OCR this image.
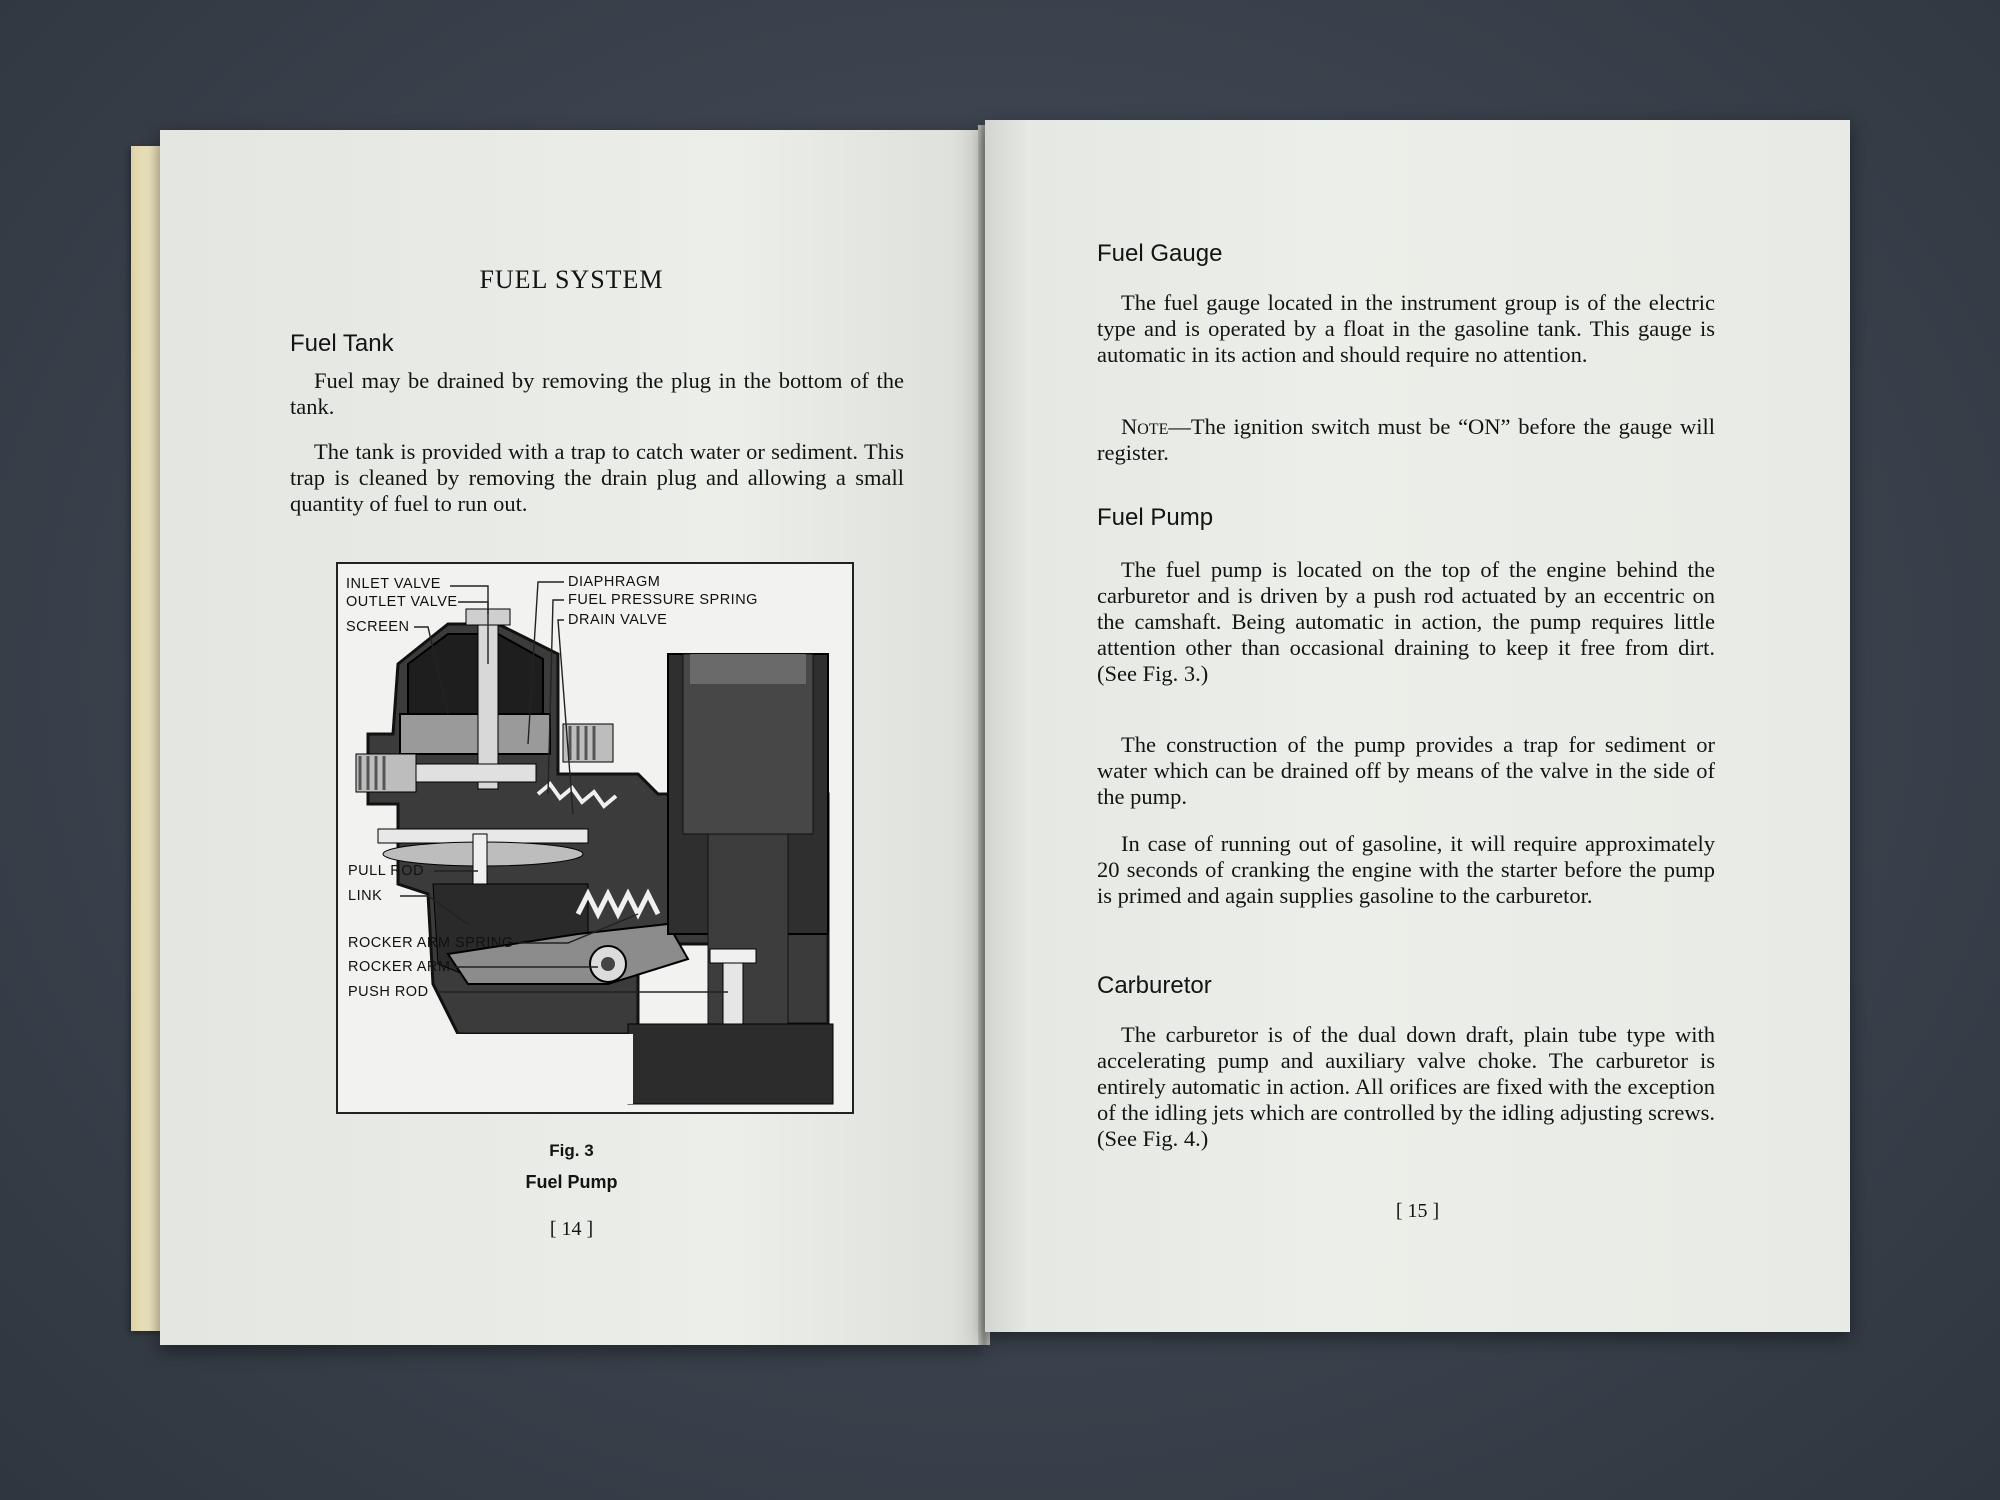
FUEL SYSTEM
Fuel Tank

Fuel may be drained by removing the plug in the bottom of the tank.

The tank is provided with a trap to catch water or sediment. This trap is cleaned by removing the drain plug and allowing a small quantity of fuel to run out.

INLET VALVE
OUTLET VALVE
SCREEN
DIAPHRAGM
FUEL PRESSURE SPRING
DRAIN VALVE
PULL ROD
LINK
ROCKER ARM SPRING
ROCKER ARM
PUSH ROD
Fig. 3
Fuel Pump
[ 14 ]
Fuel Gauge

The fuel gauge located in the instrument group is of the electric type and is operated by a float in the gasoline tank. This gauge is automatic in its action and should require no attention.

Note—The ignition switch must be “ON” before the gauge will register.

Fuel Pump

The fuel pump is located on the top of the engine behind the carburetor and is driven by a push rod actuated by an eccentric on the camshaft. Being automatic in action, the pump requires little attention other than occasional draining to keep it free from dirt. (See Fig. 3.)

The construction of the pump provides a trap for sediment or water which can be drained off by means of the valve in the side of the pump.

In case of running out of gasoline, it will require approximately 20 seconds of cranking the engine with the starter before the pump is primed and again supplies gasoline to the carburetor.

Carburetor

The carburetor is of the dual down draft, plain tube type with accelerating pump and auxiliary valve choke. The carburetor is entirely automatic in action. All orifices are fixed with the exception of the idling jets which are controlled by the idling adjusting screws. (See Fig. 4.)

[ 15 ]
